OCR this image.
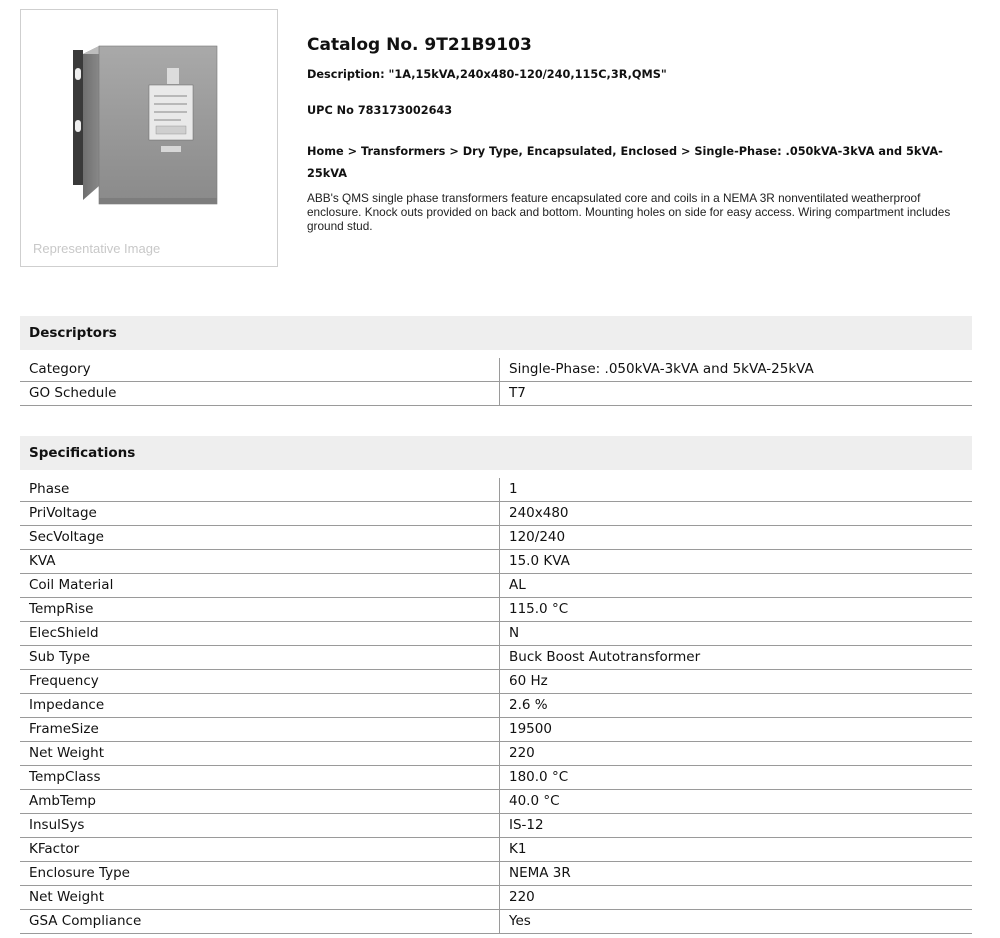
Representative Image
Catalog No. 9T21B9103
Description: "1A,15kVA,240x480-120/240,115C,3R,QMS"
UPC No 783173002643
Home > Transformers > Dry Type, Encapsulated, Enclosed > Single-Phase: .050kVA-3kVA and 5kVA-25kVA
ABB's QMS single phase transformers feature encapsulated core and coils in a NEMA 3R nonventilated weatherproof enclosure. Knock outs provided on back and bottom. Mounting holes on side for easy access. Wiring compartment includes ground stud.
Descriptors
Category	Single-Phase: .050kVA-3kVA and 5kVA-25kVA
GO Schedule	T7
Specifications
Phase	1
PriVoltage	240x480
SecVoltage	120/240
KVA	15.0 KVA
Coil Material	AL
TempRise	115.0 °C
ElecShield	N
Sub Type	Buck Boost Autotransformer
Frequency	60 Hz
Impedance	2.6 %
FrameSize	19500
Net Weight	220
TempClass	180.0 °C
AmbTemp	40.0 °C
InsulSys	IS-12
KFactor	K1
Enclosure Type	NEMA 3R
Net Weight	220
GSA Compliance	Yes
